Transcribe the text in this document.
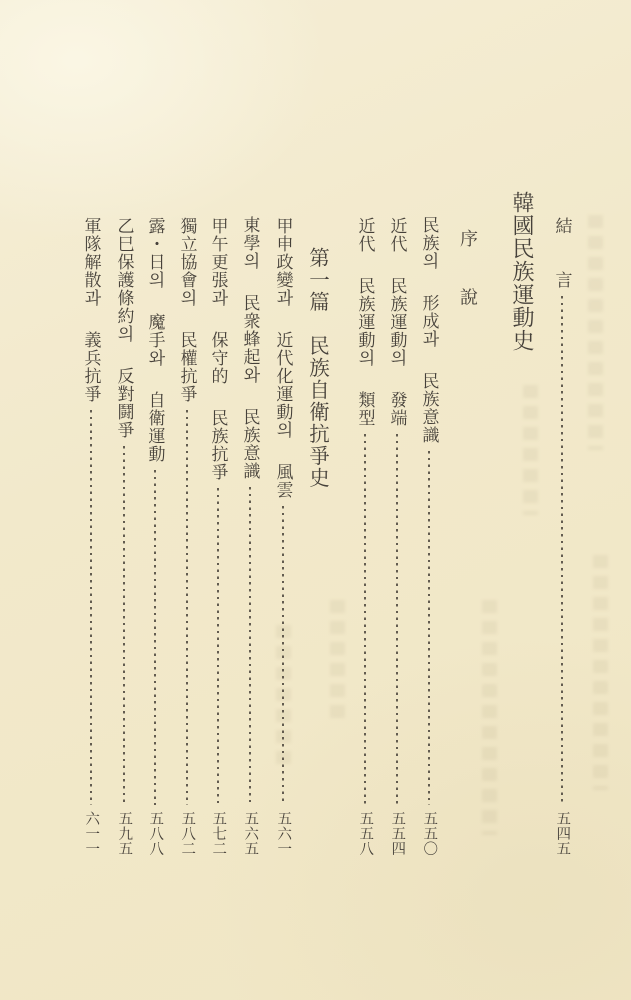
結　　言
五四五
韓國民族運動史
序　　說
民族의 形成과 民族意識
五五〇
近代 民族運動의 發端
五五四
近代 民族運動의 類型
五五八
第一篇　民族自衛抗爭史
甲申政變과 近代化運動의 風雲
五六一
東學의 民衆蜂起와 民族意識
五六五
甲午更張과 保守的 民族抗爭
五七二
獨立協會의 民權抗爭
五八二
露・日의 魔手와 自衛運動
五八八
乙巳保護條約의 反對鬪爭
五九五
軍隊解散과 義兵抗爭
六一一
